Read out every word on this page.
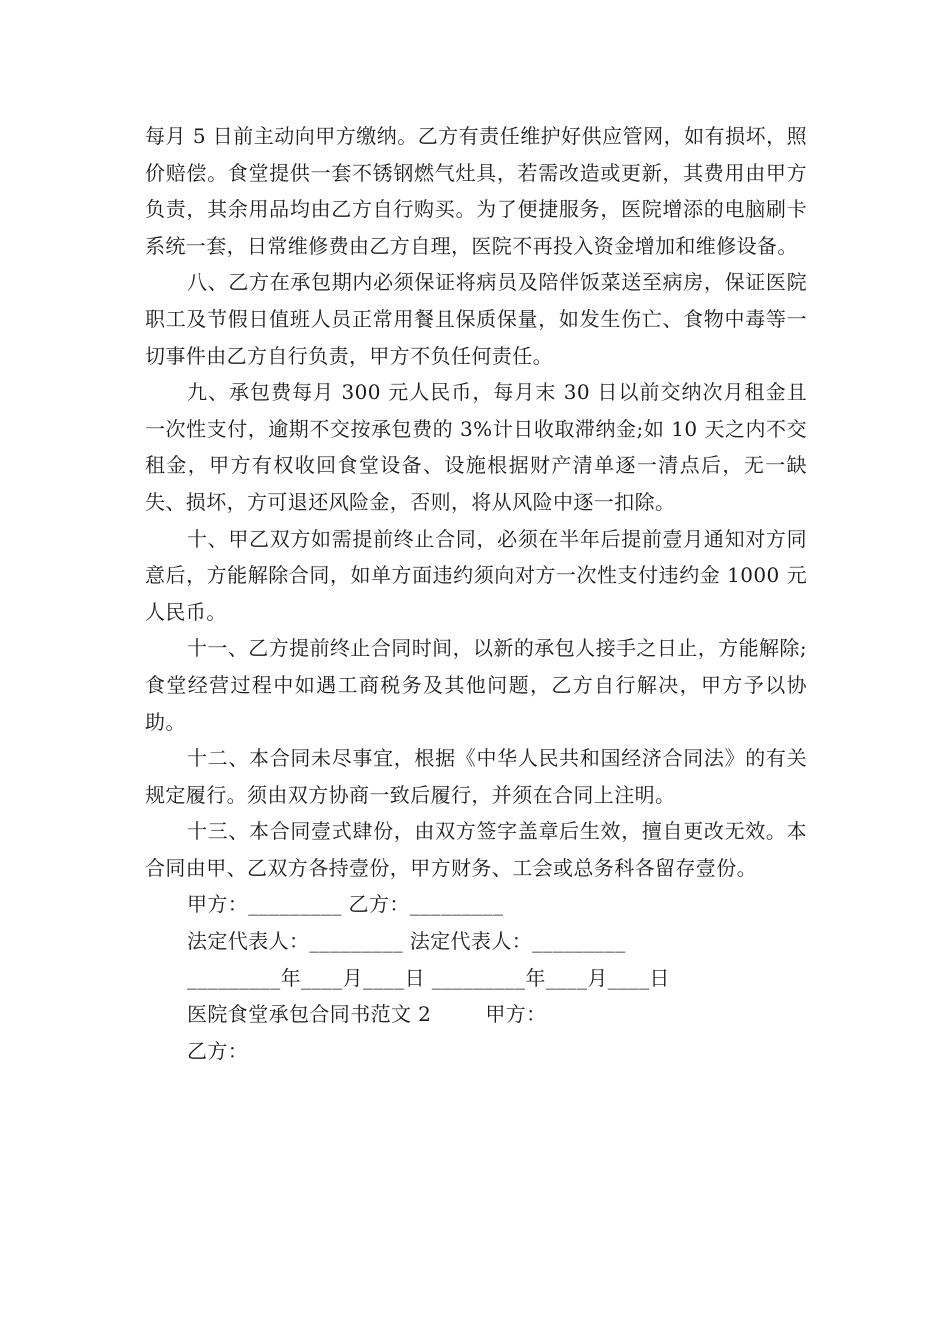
每月 5 日前主动向甲方缴纳。乙方有责任维护好供应管网，如有损坏，照价赔偿。食堂提供一套不锈钢燃气灶具，若需改造或更新，其费用由甲方负责，其余用品均由乙方自行购买。为了便捷服务，医院增添的电脑刷卡系统一套，日常维修费由乙方自理，医院不再投入资金增加和维修设备。

八、乙方在承包期内必须保证将病员及陪伴饭菜送至病房，保证医院职工及节假日值班人员正常用餐且保质保量，如发生伤亡、食物中毒等一切事件由乙方自行负责，甲方不负任何责任。

九、承包费每月 300 元人民币，每月末 30 日以前交纳次月租金且一次性支付，逾期不交按承包费的 3%计日收取滞纳金;如 10 天之内不交租金，甲方有权收回食堂设备、设施根据财产清单逐一清点后，无一缺失、损坏，方可退还风险金，否则，将从风险中逐一扣除。

十、甲乙双方如需提前终止合同，必须在半年后提前壹月通知对方同意后，方能解除合同，如单方面违约须向对方一次性支付违约金 1000 元人民币。

十一、乙方提前终止合同时间，以新的承包人接手之日止，方能解除;食堂经营过程中如遇工商税务及其他问题，乙方自行解决，甲方予以协助。

十二、本合同未尽事宜，根据《中华人民共和国经济合同法》的有关规定履行。须由双方协商一致后履行，并须在合同上注明。

十三、本合同壹式肆份，由双方签字盖章后生效，擅自更改无效。本合同由甲、乙双方各持壹份，甲方财务、工会或总务科各留存壹份。

甲方：_________ 乙方：_________

法定代表人：_________ 法定代表人：_________

_________年____月____日 _________年____月____日

医院食堂承包合同书范文 2        甲方：

乙方：
